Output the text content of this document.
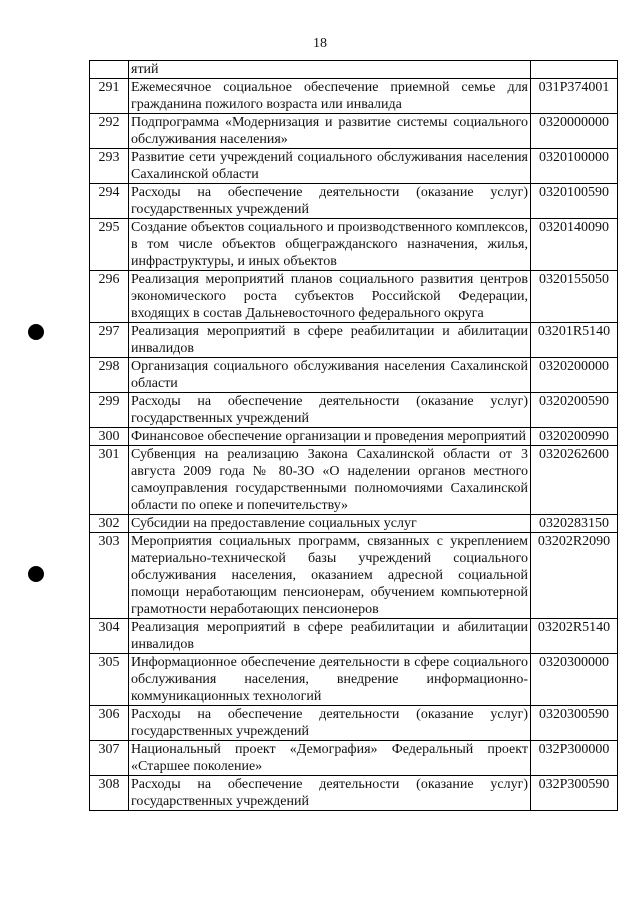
18
	ятий	
291	Ежемесячное социальное обеспечение приемной семье для гражданина пожилого возраста или инвалида	031P374001
292	Подпрограмма «Модернизация и развитие системы социального обслуживания населения»	0320000000
293	Развитие сети учреждений социального обслуживания населения Сахалинской области	0320100000
294	Расходы на обеспечение деятельности (оказание услуг) государственных учреждений	0320100590
295	Создание объектов социального и производственного комплексов, в том числе объектов общегражданского назначения, жилья, инфраструктуры, и иных объектов	0320140090
296	Реализация мероприятий планов социального развития центров экономического роста субъектов Российской Федерации, входящих в состав Дальневосточного федерального округа	0320155050
297	Реализация мероприятий в сфере реабилитации и абилитации инвалидов	03201R5140
298	Организация социального обслуживания населения Сахалинской области	0320200000
299	Расходы на обеспечение деятельности (оказание услуг) государственных учреждений	0320200590
300	Финансовое обеспечение организации и проведения мероприятий	0320200990
301	Субвенция на реализацию Закона Сахалинской области от 3 августа 2009 года № 80-ЗО «О наделении органов местного самоуправления государственными полномочиями Сахалинской области по опеке и попечительству»	0320262600
302	Субсидии на предоставление социальных услуг	0320283150
303	Мероприятия социальных программ, связанных с укреплением материально-технической базы учреждений социального обслуживания населения, оказанием адресной социальной помощи неработающим пенсионерам, обучением компьютерной грамотности неработающих пенсионеров	03202R2090
304	Реализация мероприятий в сфере реабилитации и абилитации инвалидов	03202R5140
305	Информационное обеспечение деятельности в сфере социального обслуживания населения, внедрение информационно-коммуникационных технологий	0320300000
306	Расходы на обеспечение деятельности (оказание услуг) государственных учреждений	0320300590
307	Национальный проект «Демография» Федеральный проект «Старшее поколение»	032P300000
308	Расходы на обеспечение деятельности (оказание услуг) государственных учреждений	032P300590
